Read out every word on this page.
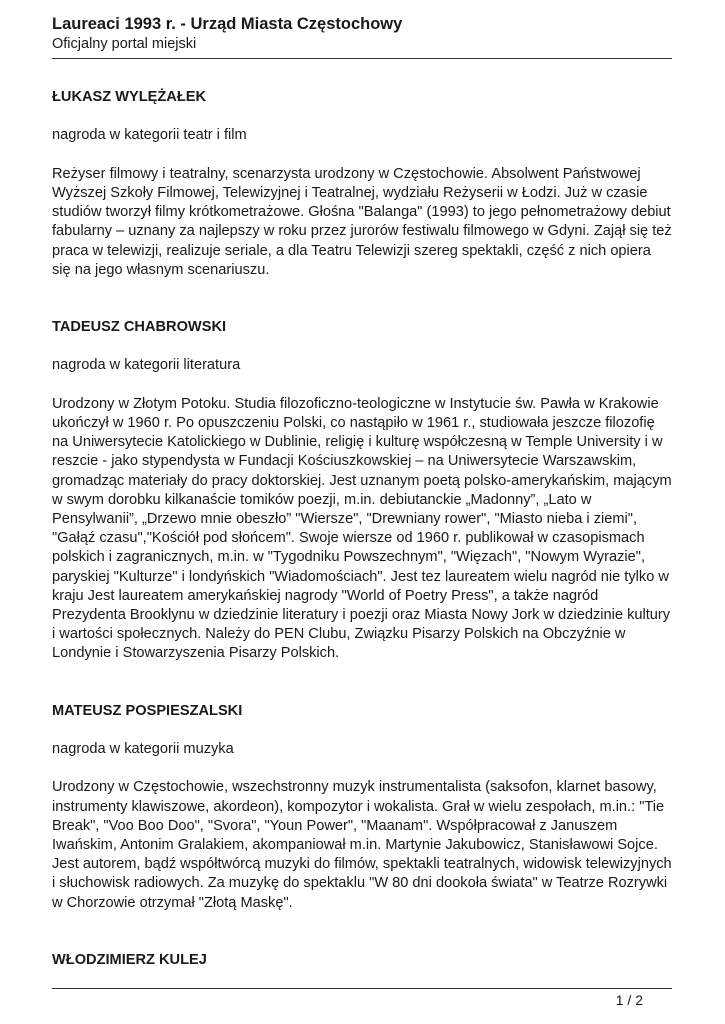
Laureaci 1993 r. - Urząd Miasta Częstochowy

Oficjalny portal miejski

ŁUKASZ WYLĘŻAŁEK

nagroda w kategorii teatr i film

Reżyser filmowy i teatralny, scenarzysta urodzony w Częstochowie. Absolwent Państwowej Wyższej Szkoły Filmowej, Telewizyjnej i Teatralnej, wydziału Reżyserii w Łodzi. Już w czasie studiów tworzył filmy krótkometrażowe. Głośna "Balanga" (1993) to jego pełnometrażowy debiut fabularny – uznany za najlepszy w roku przez jurorów festiwalu filmowego w Gdyni. Zajął się też praca w telewizji, realizuje seriale, a dla Teatru Telewizji szereg spektakli, część z nich opiera się na jego własnym scenariuszu.

TADEUSZ CHABROWSKI

nagroda w kategorii literatura

Urodzony w Złotym Potoku. Studia filozoficzno-teologiczne w Instytucie św. Pawła w Krakowie ukończył w 1960 r. Po opuszczeniu Polski, co nastąpiło w 1961 r., studiowała jeszcze filozofię na Uniwersytecie Katolickiego w Dublinie, religię i kulturę współczesną w Temple University i w reszcie - jako stypendysta w Fundacji Kościuszkowskiej – na Uniwersytecie Warszawskim, gromadząc materiały do pracy doktorskiej. Jest uznanym poetą polsko-amerykańskim, mającym w swym dorobku kilkanaście tomików poezji, m.in. debiutanckie „Madonny”, „Lato w Pensylwanii”, „Drzewo mnie obeszło” "Wiersze", "Drewniany rower", "Miasto nieba i ziemi", "Gałąź czasu","Kościół pod słońcem". Swoje wiersze od 1960 r. publikował w czasopismach polskich i zagranicznych, m.in. w "Tygodniku Powszechnym", "Więzach", "Nowym Wyrazie", paryskiej "Kulturze" i londyńskich "Wiadomościach". Jest tez laureatem wielu nagród nie tylko w kraju Jest laureatem amerykańskiej nagrody "World of Poetry Press", a także nagród Prezydenta Brooklynu w dziedzinie literatury i poezji oraz Miasta Nowy Jork w dziedzinie kultury i wartości społecznych. Należy do PEN Clubu, Związku Pisarzy Polskich na Obczyźnie w Londynie i Stowarzyszenia Pisarzy Polskich.

MATEUSZ POSPIESZALSKI

nagroda w kategorii muzyka

Urodzony w Częstochowie, wszechstronny muzyk instrumentalista (saksofon, klarnet basowy, instrumenty klawiszowe, akordeon), kompozytor i wokalista. Grał w wielu zespołach, m.in.: "Tie Break", "Voo Boo Doo", "Svora", "Youn Power", "Maanam". Współpracował z Januszem Iwańskim, Antonim Gralakiem, akompaniował m.in. Martynie Jakubowicz, Stanisławowi Sojce. Jest autorem, bądź współtwórcą muzyki do filmów, spektakli teatralnych, widowisk telewizyjnych i słuchowisk radiowych. Za muzykę do spektaklu "W 80 dni dookoła świata" w Teatrze Rozrywki w Chorzowie otrzymał "Złotą Maskę".

WŁODZIMIERZ KULEJ

1 / 2
